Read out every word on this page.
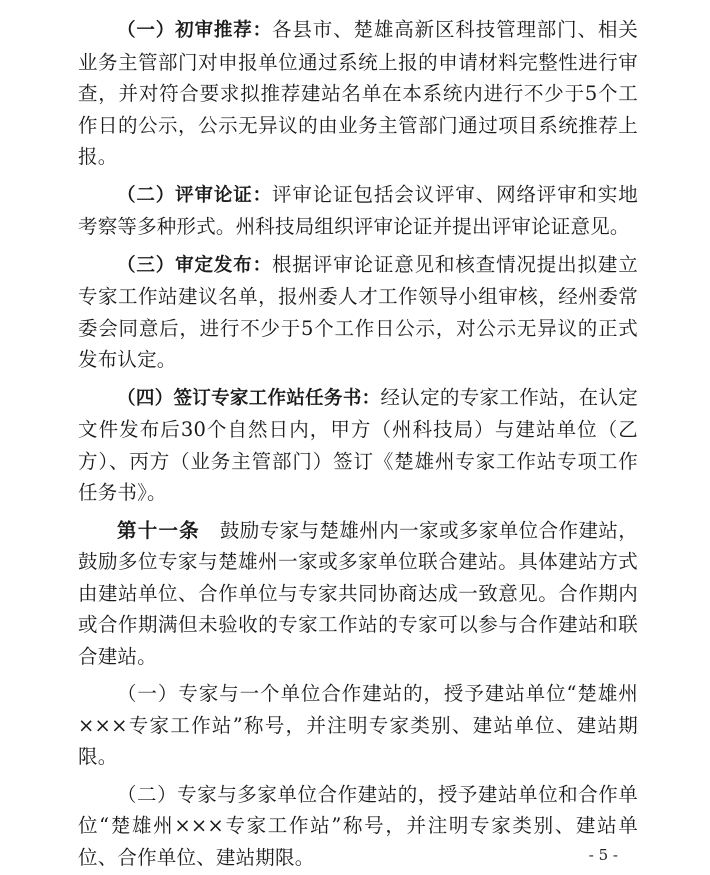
（一）初审推荐：各县市、楚雄高新区科技管理部门、相关业务主管部门对申报单位通过系统上报的申请材料完整性进行审查，并对符合要求拟推荐建站名单在本系统内进行不少于5个工作日的公示，公示无异议的由业务主管部门通过项目系统推荐上报。

（二）评审论证：评审论证包括会议评审、网络评审和实地考察等多种形式。州科技局组织评审论证并提出评审论证意见。

（三）审定发布：根据评审论证意见和核查情况提出拟建立专家工作站建议名单，报州委人才工作领导小组审核，经州委常委会同意后，进行不少于5个工作日公示，对公示无异议的正式发布认定。

（四）签订专家工作站任务书：经认定的专家工作站，在认定文件发布后30个自然日内，甲方（州科技局）与建站单位（乙方）、丙方（业务主管部门）签订《楚雄州专家工作站专项工作任务书》。

第十一条　鼓励专家与楚雄州内一家或多家单位合作建站，鼓励多位专家与楚雄州一家或多家单位联合建站。具体建站方式由建站单位、合作单位与专家共同协商达成一致意见。合作期内或合作期满但未验收的专家工作站的专家可以参与合作建站和联合建站。

（一）专家与一个单位合作建站的，授予建站单位“楚雄州×××专家工作站”称号，并注明专家类别、建站单位、建站期限。

（二）专家与多家单位合作建站的，授予建站单位和合作单位“楚雄州×××专家工作站”称号，并注明专家类别、建站单位、合作单位、建站期限。	- 5 -
